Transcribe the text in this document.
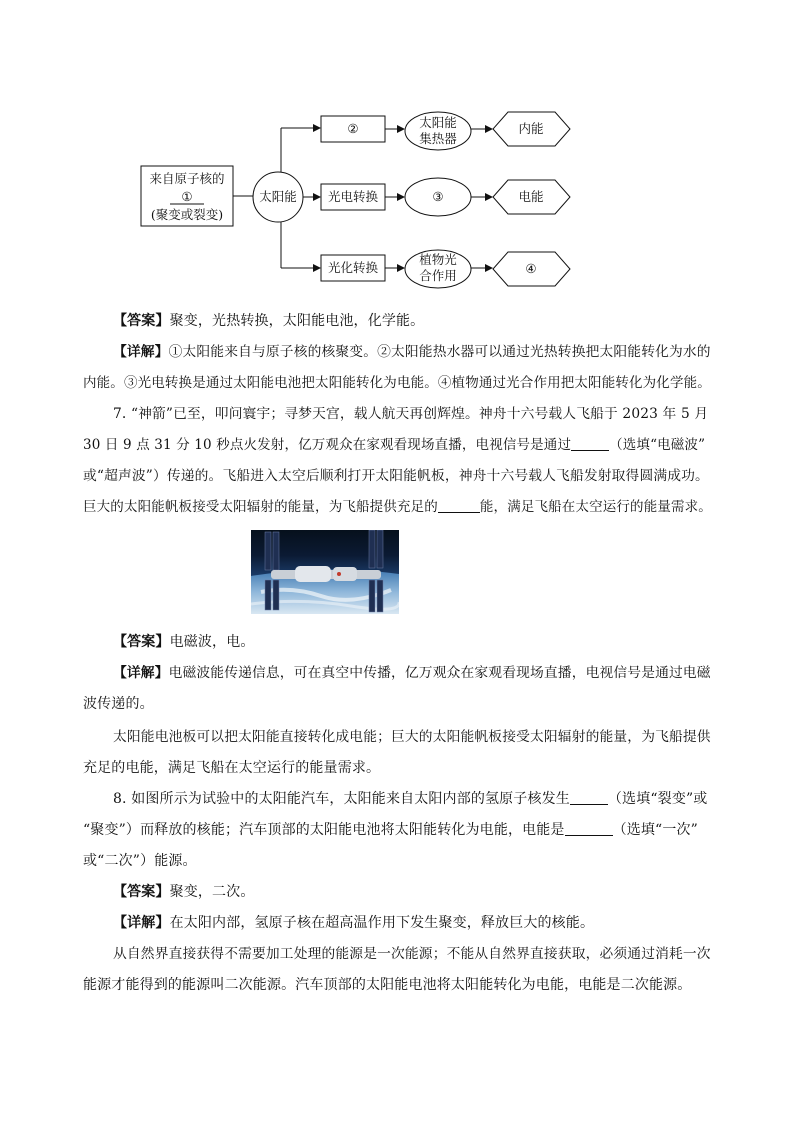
来自原子核的
①
(聚变或裂变)
太阳能
②
光电转换
光化转换
太阳能
集热器
③
植物光
合作用
内能
电能
④
【答案】聚变，光热转换，太阳能电池，化学能。
【详解】①太阳能来自与原子核的核聚变。②太阳能热水器可以通过光热转换把太阳能转化为水的
内能。③光电转换是通过太阳能电池把太阳能转化为电能。④植物通过光合作用把太阳能转化为化学能。
7. “神箭”已至，叩问寰宇；寻梦天宫，载人航天再创辉煌。神舟十六号载人飞船于 2023 年 5 月
30 日 9 点 31 分 10 秒点火发射，亿万观众在家观看现场直播，电视信号是通过	（选填“电磁波”
或“超声波”）传递的。飞船进入太空后顺利打开太阳能帆板，神舟十六号载人飞船发射取得圆满成功。
巨大的太阳能帆板接受太阳辐射的能量，为飞船提供充足的	能，满足飞船在太空运行的能量需求。
【答案】电磁波，电。
【详解】电磁波能传递信息，可在真空中传播，亿万观众在家观看现场直播，电视信号是通过电磁
波传递的。
太阳能电池板可以把太阳能直接转化成电能；巨大的太阳能帆板接受太阳辐射的能量，为飞船提供
充足的电能，满足飞船在太空运行的能量需求。
8. 如图所示为试验中的太阳能汽车，太阳能来自太阳内部的氢原子核发生	（选填“裂变”或
“聚变”）而释放的核能；汽车顶部的太阳能电池将太阳能转化为电能，电能是	（选填“一次”
或“二次”）能源。
【答案】聚变，二次。
【详解】在太阳内部，氢原子核在超高温作用下发生聚变，释放巨大的核能。
从自然界直接获得不需要加工处理的能源是一次能源；不能从自然界直接获取，必须通过消耗一次
能源才能得到的能源叫二次能源。汽车顶部的太阳能电池将太阳能转化为电能，电能是二次能源。
